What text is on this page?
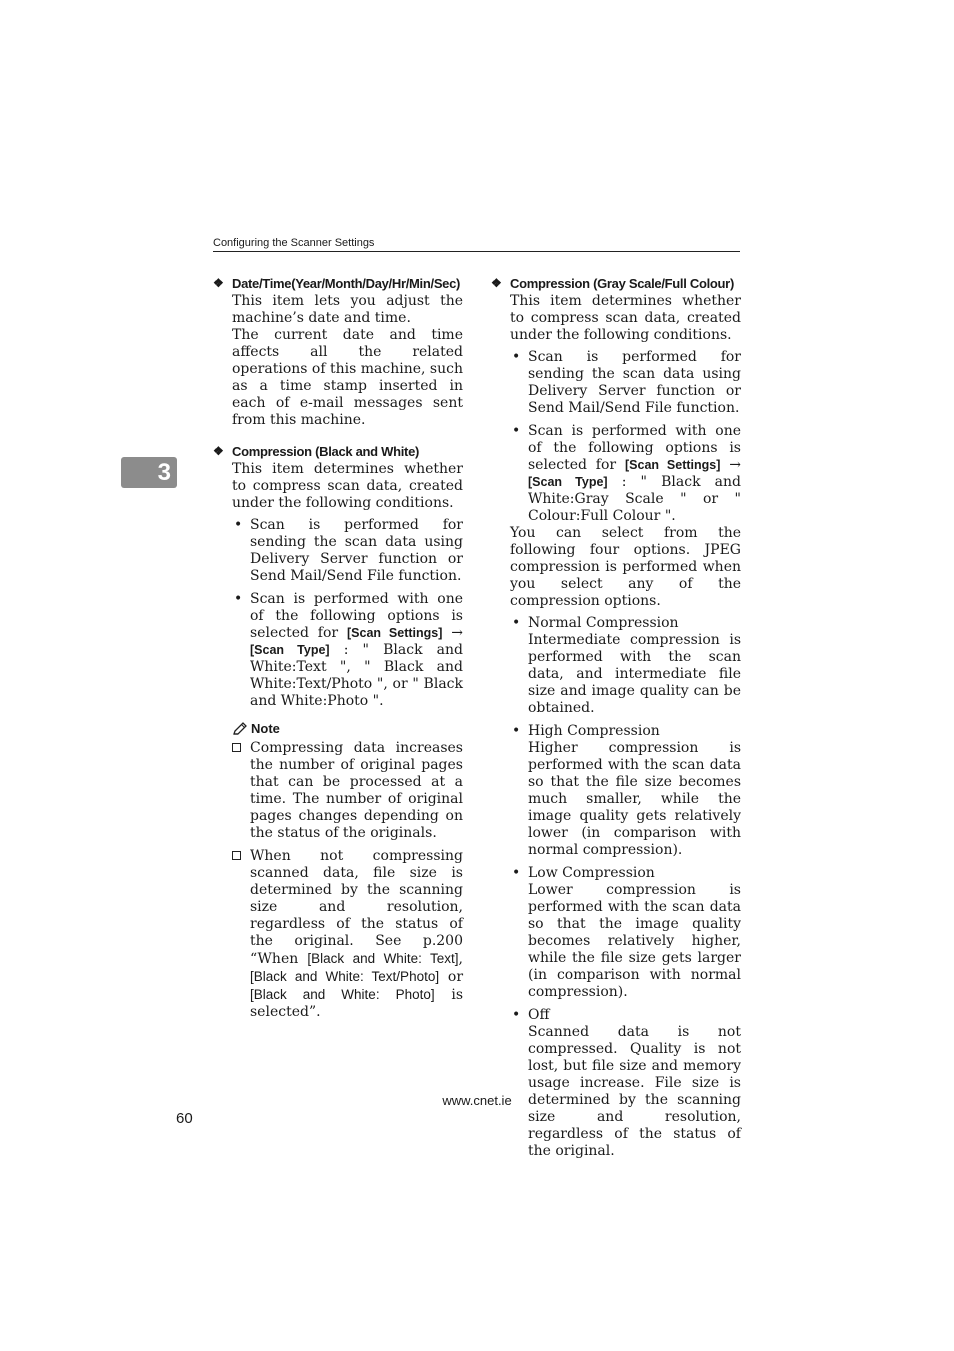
Configuring the Scanner Settings
3
❖ Date/Time(Year/Month/Day/Hr/Min/Sec)

This item lets you adjust the machine’s date and time.

The current date and time affects all the related operations of this machine, such as a time stamp inserted in each of e-mail messages sent from this machine.

❖ Compression (Black and White)

This item determines whether to compress scan data, created under the following conditions.

• Scan is performed for sending the scan data using Delivery Server function or Send Mail/Send File function.
• Scan is performed with one of the following options is selected for [Scan Settings] → [Scan Type] : " Black and White:Text ", " Black and White:Text/Photo ", or " Black and White:Photo ".
Note
Compressing data increases the number of original pages that can be processed at a time. The number of original pages changes depending on the status of the originals.
When not compressing scanned data, file size is determined by the scanning size and resolution, regardless of the status of the original. See p.200 “When [Black and White: Text], [Black and White: Text/Photo] or [Black and White: Photo] is selected”.
❖ Compression (Gray Scale/Full Colour)

This item determines whether to compress scan data, created under the following conditions.

• Scan is performed for sending the scan data using Delivery Server function or Send Mail/Send File function.
• Scan is performed with one of the following options is selected for [Scan Settings] → [Scan Type] : " Black and White:Gray Scale " or " Colour:Full Colour ".

You can select from the following four options. JPEG compression is performed when you select any of the compression options.

• Normal Compression
Intermediate compression is performed with the scan data, and intermediate file size and image quality can be obtained.
• High Compression
Higher compression is performed with the scan data so that the file size becomes much smaller, while the image quality gets relatively lower (in comparison with normal compression).
• Low Compression
Lower compression is performed with the scan data so that the image quality becomes relatively higher, while the file size gets larger (in comparison with normal compression).
• Off
Scanned data is not compressed. Quality is not lost, but file size and memory usage increase. File size is determined by the scanning size and resolution, regardless of the status of the original.
www.cnet.ie
60
